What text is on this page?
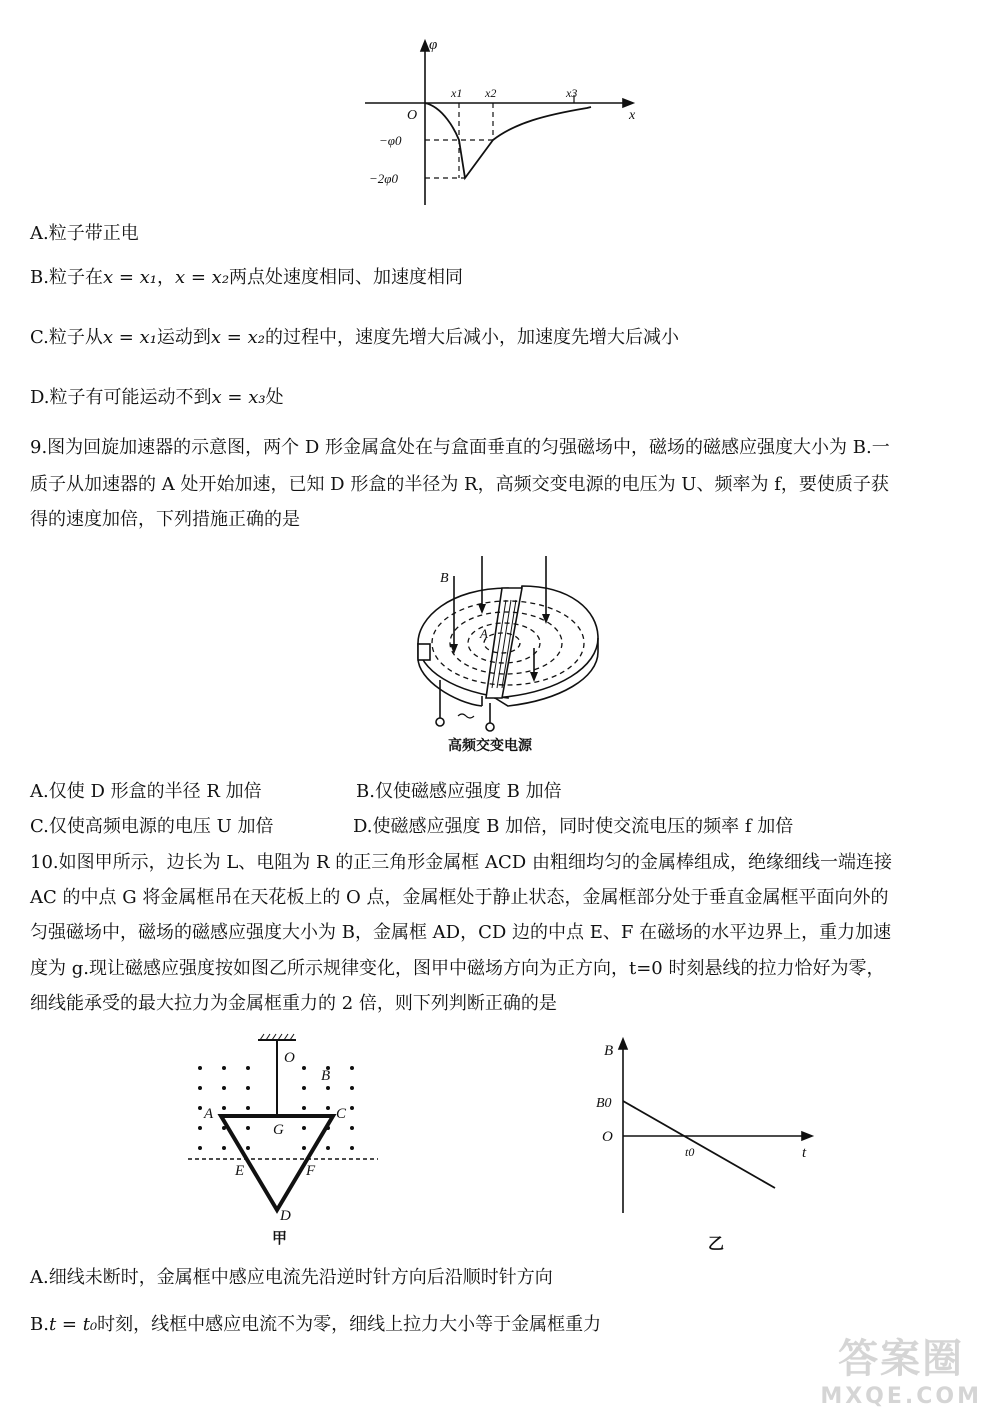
φ
x
O
x1 x2	x3
−φ0
−2φ0
A.粒子带正电
B.粒子在x = x₁，x = x₂两点处速度相同、加速度相同
C.粒子从x = x₁运动到x = x₂的过程中，速度先增大后减小，加速度先增大后减小
D.粒子有可能运动不到x = x₃处
9.图为回旋加速器的示意图，两个 D 形金属盒处在与盒面垂直的匀强磁场中，磁场的磁感应强度大小为 B.一
质子从加速器的 A 处开始加速，已知 D 形盒的半径为 R，高频交变电源的电压为 U、频率为 f，要使质子获
得的速度加倍，下列措施正确的是
B
A
高频交变电源
A.仅使 D 形盒的半径 R 加倍	B.仅使磁感应强度 B 加倍
C.仅使高频电源的电压 U 加倍	D.使磁感应强度 B 加倍，同时使交流电压的频率 f 加倍
10.如图甲所示，边长为 L、电阻为 R 的正三角形金属框 ACD 由粗细均匀的金属棒组成，绝缘细线一端连接
AC 的中点 G 将金属框吊在天花板上的 O 点，金属框处于静止状态，金属框部分处于垂直金属框平面向外的
匀强磁场中，磁场的磁感应强度大小为 B，金属框 AD，CD 边的中点 E、F 在磁场的水平边界上，重力加速
度为 g.现让磁感应强度按如图乙所示规律变化，图甲中磁场方向为正方向，t=0 时刻悬线的拉力恰好为零，
细线能承受的最大拉力为金属框重力的 2 倍，则下列判断正确的是
O
B
A	C
G
E	F
D
甲
B
B0
O
t0	t
乙
A.细线未断时，金属框中感应电流先沿逆时针方向后沿顺时针方向
B.t = t₀时刻，线框中感应电流不为零，细线上拉力大小等于金属框重力
答案圈
MXQE.COM
